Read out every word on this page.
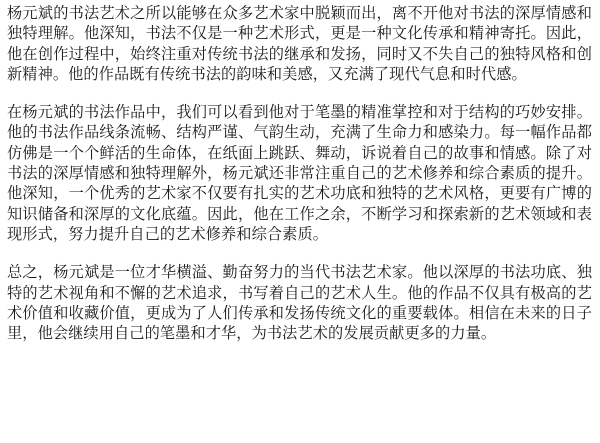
杨元斌的书法艺术之所以能够在众多艺术家中脱颖而出，离不开他对书法的深厚情感和独特理解。他深知，书法不仅是一种艺术形式，更是一种文化传承和精神寄托。因此，他在创作过程中，始终注重对传统书法的继承和发扬，同时又不失自己的独特风格和创新精神。他的作品既有传统书法的韵味和美感，又充满了现代气息和时代感。

在杨元斌的书法作品中，我们可以看到他对于笔墨的精准掌控和对于结构的巧妙安排。他的书法作品线条流畅、结构严谨、气韵生动，充满了生命力和感染力。每一幅作品都仿佛是一个个鲜活的生命体，在纸面上跳跃、舞动，诉说着自己的故事和情感。除了对书法的深厚情感和独特理解外，杨元斌还非常注重自己的艺术修养和综合素质的提升。他深知，一个优秀的艺术家不仅要有扎实的艺术功底和独特的艺术风格，更要有广博的知识储备和深厚的文化底蕴。因此，他在工作之余，不断学习和探索新的艺术领域和表现形式，努力提升自己的艺术修养和综合素质。

总之，杨元斌是一位才华横溢、勤奋努力的当代书法艺术家。他以深厚的书法功底、独特的艺术视角和不懈的艺术追求，书写着自己的艺术人生。他的作品不仅具有极高的艺术价值和收藏价值，更成为了人们传承和发扬传统文化的重要载体。相信在未来的日子里，他会继续用自己的笔墨和才华，为书法艺术的发展贡献更多的力量。
